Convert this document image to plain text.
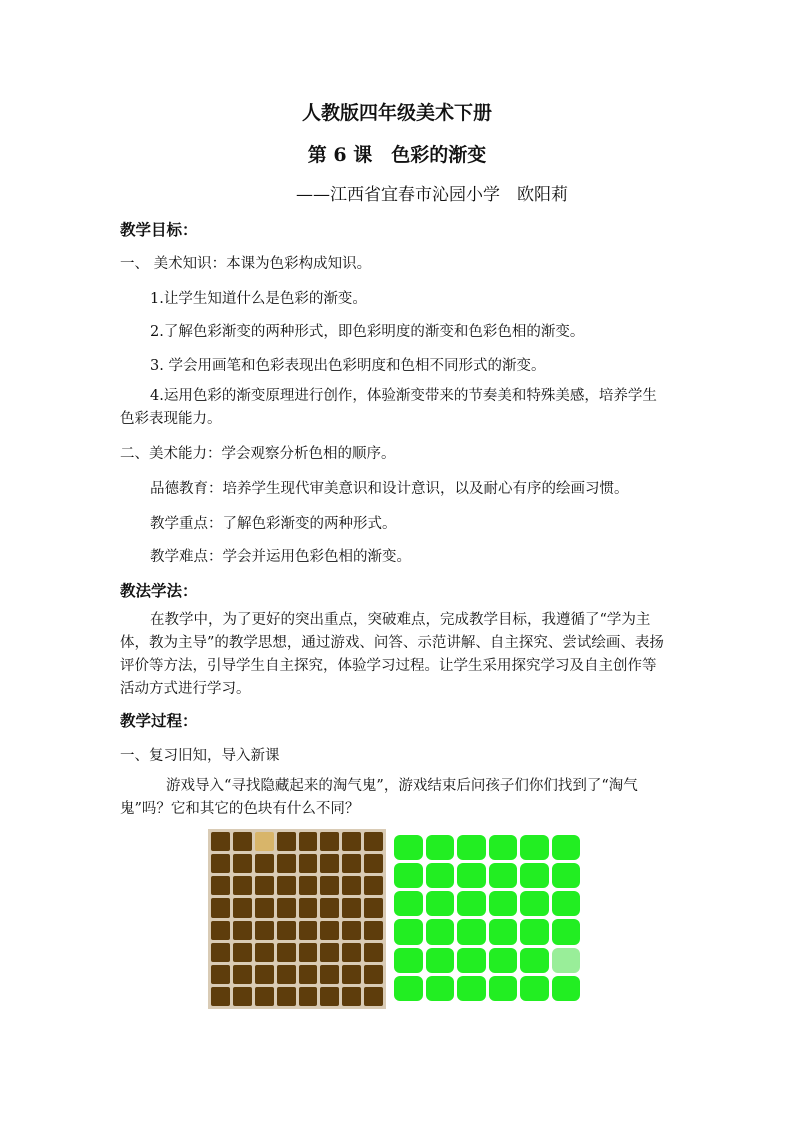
人教版四年级美术下册
第 6 课　色彩的渐变
——江西省宜春市沁园小学　欧阳莉
教学目标：
一、 美术知识：本课为色彩构成知识。
1.让学生知道什么是色彩的渐变。
2.了解色彩渐变的两种形式，即色彩明度的渐变和色彩色相的渐变。
3. 学会用画笔和色彩表现出色彩明度和色相不同形式的渐变。
4.运用色彩的渐变原理进行创作，体验渐变带来的节奏美和特殊美感，培养学生色彩表现能力。
二、美术能力：学会观察分析色相的顺序。
品德教育：培养学生现代审美意识和设计意识，以及耐心有序的绘画习惯。
教学重点：了解色彩渐变的两种形式。
教学难点：学会并运用色彩色相的渐变。
教法学法：
在教学中，为了更好的突出重点，突破难点，完成教学目标，我遵循了“学为主体，教为主导”的教学思想，通过游戏、问答、示范讲解、自主探究、尝试绘画、表扬评价等方法，引导学生自主探究，体验学习过程。让学生采用探究学习及自主创作等活动方式进行学习。
教学过程：
一、复习旧知，导入新课
游戏导入“寻找隐藏起来的淘气鬼”，游戏结束后问孩子们你们找到了“淘气鬼”吗？它和其它的色块有什么不同？
